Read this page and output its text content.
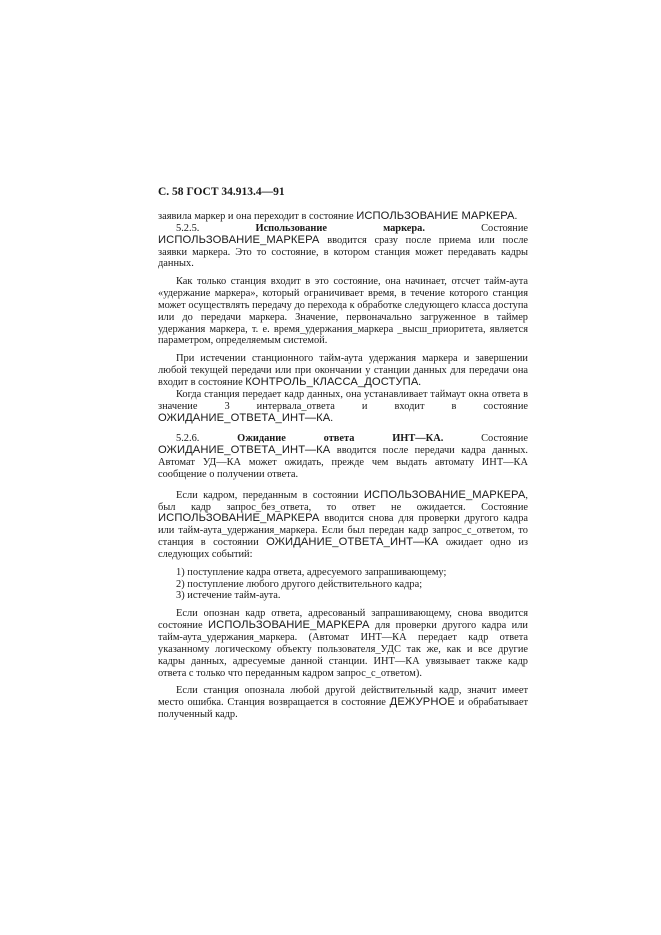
С. 58 ГОСТ 34.913.4—91

заявила маркер и она переходит в состояние ИСПОЛЬЗОВАНИЕ МАРКЕРА.

5.2.5. Использование маркера. Состояние ИСПОЛЬЗОВАНИЕ_МАРКЕРА вводится сразу после приема или после заявки маркера. Это то состояние, в котором станция может передавать кадры данных.

Как только станция входит в это состояние, она начинает, отсчет тайм-аута «удержание маркера», который ограничивает время, в течение которого станция может осуществлять передачу до перехода к обработке следующего класса доступа или до передачи маркера. Значение, первоначально загруженное в таймер удержания маркера, т. е. время_удержания_маркера _высш_приоритета, является параметром, определяемым системой.

При истечении станционного тайм-аута удержания маркера и завершении любой текущей передачи или при окончании у станции данных для передачи она входит в состояние КОНТРОЛЬ_КЛАССА_ДОСТУПА.

Когда станция передает кадр данных, она устанавливает таймаут окна ответа в значение 3 интервала_ответа и входит в состояние ОЖИДАНИЕ_ОТВЕТА_ИНТ—КА.

5.2.6. Ожидание ответа ИНТ—КА. Состояние ОЖИДАНИЕ_ОТВЕТА_ИНТ—КА вводится после передачи кадра данных. Автомат УД—КА может ожидать, прежде чем выдать автомату ИНТ—КА сообщение о получении ответа.

Если кадром, переданным в состоянии ИСПОЛЬЗОВАНИЕ_МАРКЕРА, был кадр запрос_без_ответа, то ответ не ожидается. Состояние ИСПОЛЬЗОВАНИЕ_МАРКЕРА вводится снова для проверки другого кадра или тайм-аута_удержания_маркера. Если был передан кадр запрос_с_ответом, то станция в состоянии ОЖИДАНИЕ_ОТВЕТА_ИНТ—КА ожидает одно из следующих событий:

1) поступление кадра ответа, адресуемого запрашивающему;

2) поступление любого другого действительного кадра;

3) истечение тайм-аута.

Если опознан кадр ответа, адресованый запрашивающему, снова вводится состояние ИСПОЛЬЗОВАНИЕ_МАРКЕРА для проверки другого кадра или тайм-аута_удержания_маркера. (Автомат ИНТ—КА передает кадр ответа указанному логическому объекту пользователя_УДС так же, как и все другие кадры данных, адресуемые данной станции. ИНТ—КА увязывает также кадр ответа с только что переданным кадром запрос_с_ответом).

Если станция опознала любой другой действительный кадр, значит имеет место ошибка. Станция возвращается в состояние ДЕЖУРНОЕ и обрабатывает полученный кадр.
